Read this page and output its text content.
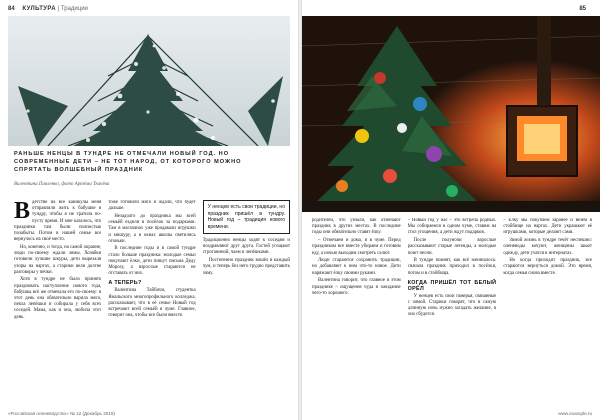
84 КУЛЬТУРА | Традиции
РАНЬШЕ НЕНЦЫ В ТУНДРЕ НЕ ОТМЕЧАЛИ НОВЫЙ ГОД. НО СОВРЕМЕННЫЕ ДЕТИ – НЕ ТОТ НАРОД, ОТ КОТОРОГО МОЖНО СПРЯТАТЬ ВОЛШЕБНЫЙ ПРАЗДНИК
Валентина Павленко, фото Артёма Ткачёва

Вдетстве на все каникулы меня отправляли жить к бабушке в тундру, чтобы я не тратила по-пусту время. И мне казалось, что праздники там были полностью позабыты. Потом в нашей семье все вернулось на своё место.

Но, конечно, и тогда, на самой окраине, люди по-своему ждали зимы. Хозяйки готовили лучшие шкуры, дети вырезали узоры на нартах, а старики вели долгие разговоры у печки.

Хотя в тундре не было принято праздновать наступление нового года, бабушка всё же отмечала его по-своему: в этот день она обязательно варила мясо, пекла лепёшки и собирала у себя всех соседей. Мама, как и она, любила этот день.

тоже готовили мясо и ждали, что будет дальше.

Незадолго до праздника мы всей семьёй ездили в посёлок за подарками. Там в магазинах уже продавали игрушки и мишуру, а в окнах школы светились огоньки.

В последние годы и в самой тундре стало больше праздника: молодые семьи покупают ёлки, дети пишут письма Деду Морозу, а взрослые стараются не отставать от них.

А ТЕПЕРЬ?

Валентина Тайбичи, студентка Ямальского многопрофильного колледжа, рассказывает, что в её семье Новый год встречают всей семьёй в чуме. Главное, говорит она, чтобы все были вместе.

У ненцев есть свои традиции, но праздник пришёл в тундру. Новый год – традиция нового времени.

Традиционно ненцы ходят к соседям и поздравляют друг друга. Гостей угощают строганиной, чаем и лепёшками.

Постепенно праздник вошёл в каждый чум, и теперь без него трудно представить зиму.

«Российская оленеводство» № 12 (Декабрь 2019)
85

родителей, что узнали, как отмечают праздник в других местах. В последние годы они обязательно ставят ёлку.

– Отмечаем и дома, и в чуме. Перед праздником все вместе убираем и готовим еду, а ночью выходим смотреть салют.

Люди стараются сохранить традиции, но добавляют к ним что-то новое. Дети наряжают ёлку своими руками.

Валентина говорит, что главное в этом празднике – ощущение чуда и ожидание чего-то хорошего.

– Новый год у нас – это встреча родных. Мы собираемся в одном чуме, ставим на стол угощения, а дети ждут подарков.

После полуночи взрослые рассказывают старые легенды, а молодые поют песни.

В тундре помнят, как всё начиналось: сначала праздник приходил в посёлки, потом и в стойбища.

КОГДА ПРИШЁЛ ТОТ БЕЛЫЙ ОРЁЛ

У ненцев есть свои поверья, связанные с зимой. Старики говорят, что в самую длинную ночь нужно загадать желание, и оно сбудется.

– Ёлку мы покупаем заранее и везём в стойбище на нартах. Дети украшают её игрушками, которые делают сами.

Зимой жизнь в тундре течёт неспешно: оленеводы кочуют, женщины шьют одежду, дети учатся в интернатах.

Но когда приходит праздник, все стараются вернуться домой. Это время, когда семья снова вместе.

www.example.ru
